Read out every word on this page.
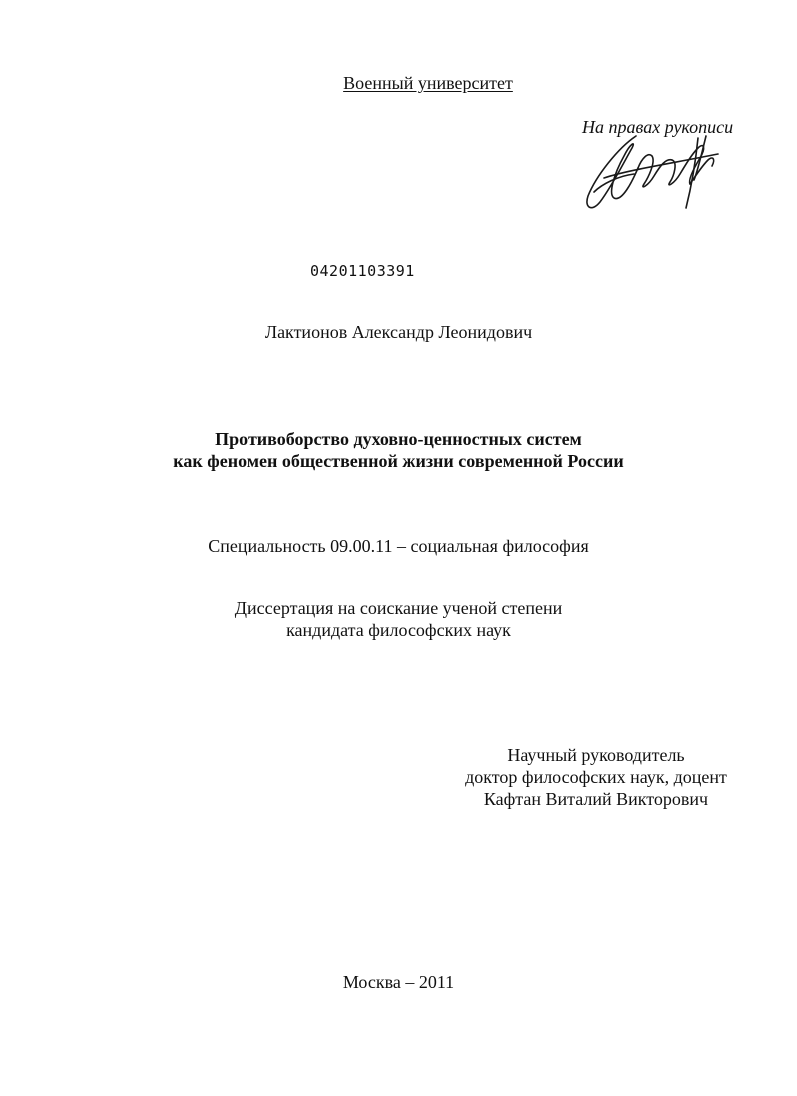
Военный университет
На правах рукописи
04201103391
Лактионов Александр Леонидович
Противоборство духовно-ценностных систем
как феномен общественной жизни современной России
Специальность 09.00.11 – социальная философия
Диссертация на соискание ученой степени
кандидата философских наук
Научный руководитель
доктор философских наук, доцент
Кафтан Виталий Викторович
Москва – 2011
